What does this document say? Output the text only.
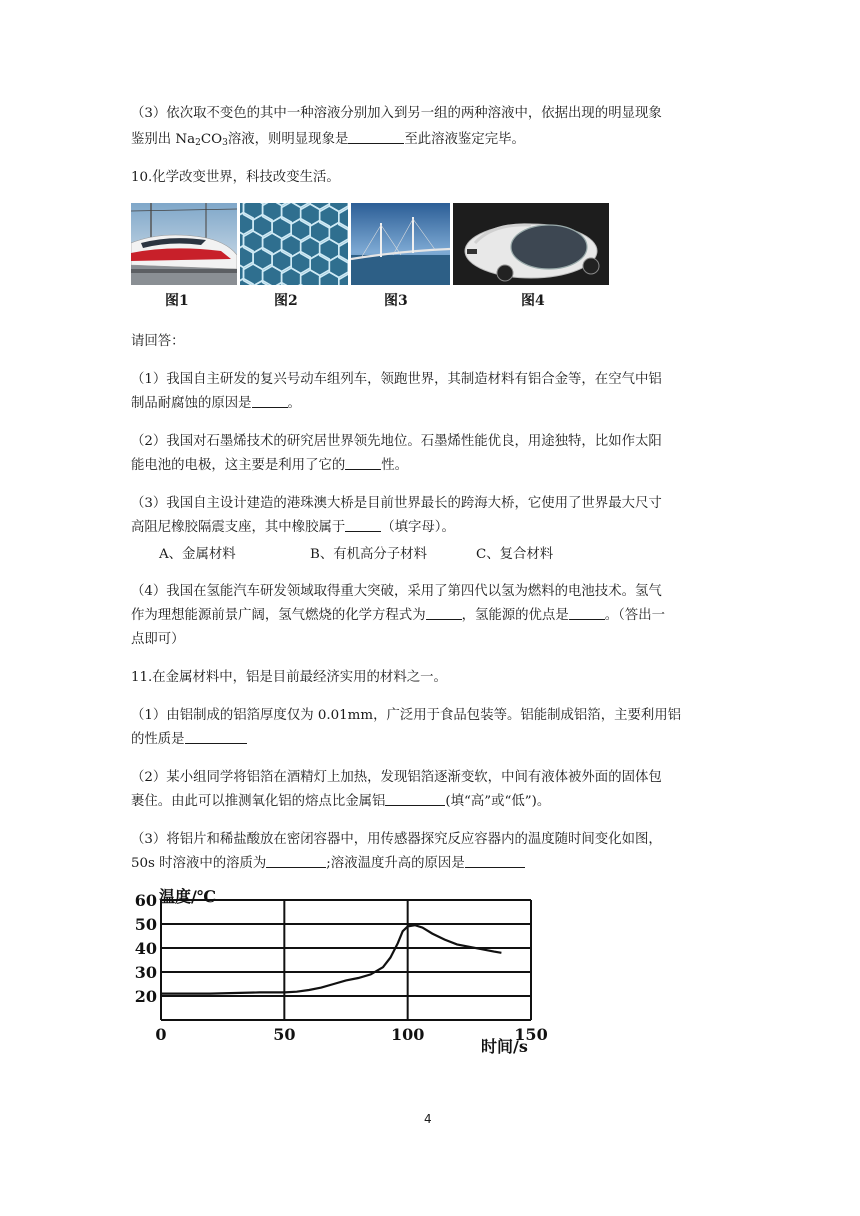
（3）依次取不变色的其中一种溶液分别加入到另一组的两种溶液中，依据出现的明显现象

鉴别出 $Na_2CO_3$溶液，则明显现象是	至此溶液鉴定完毕。

10.化学改变世界，科技改变生活。

图1	图2	图3	图4

请回答：

（1）我国自主研发的复兴号动车组列车，领跑世界，其制造材料有铝合金等，在空气中铝

制品耐腐蚀的原因是	。

（2）我国对石墨烯技术的研究居世界领先地位。石墨烯性能优良，用途独特，比如作太阳

能电池的电极，这主要是利用了它的	性。

（3）我国自主设计建造的港珠澳大桥是目前世界最长的跨海大桥，它使用了世界最大尺寸

高阻尼橡胶隔震支座，其中橡胶属于	（填字母）。

A、金属材料	B、有机高分子材料	C、复合材料

（4）我国在氢能汽车研发领域取得重大突破，采用了第四代以氢为燃料的电池技术。氢气

作为理想能源前景广阔，氢气燃烧的化学方程式为	，氢能源的优点是	。（答出一

点即可）

11.在金属材料中，铝是目前最经济实用的材料之一。

（1）由铝制成的铝箔厚度仅为 0.01mm，广泛用于食品包装等。铝能制成铝箔，主要利用铝

的性质是

（2）某小组同学将铝箔在酒精灯上加热，发现铝箔逐渐变软，中间有液体被外面的固体包

裹住。由此可以推测氧化铝的熔点比金属铝	(填“高”或“低”)。

（3）将铝片和稀盐酸放在密闭容器中，用传感器探究反应容器内的温度随时间变化如图，

50s 时溶液中的溶质为	;溶液温度升高的原因是

20
30
40
50
60
0	50	100	150
温度/℃
时间/s
4
